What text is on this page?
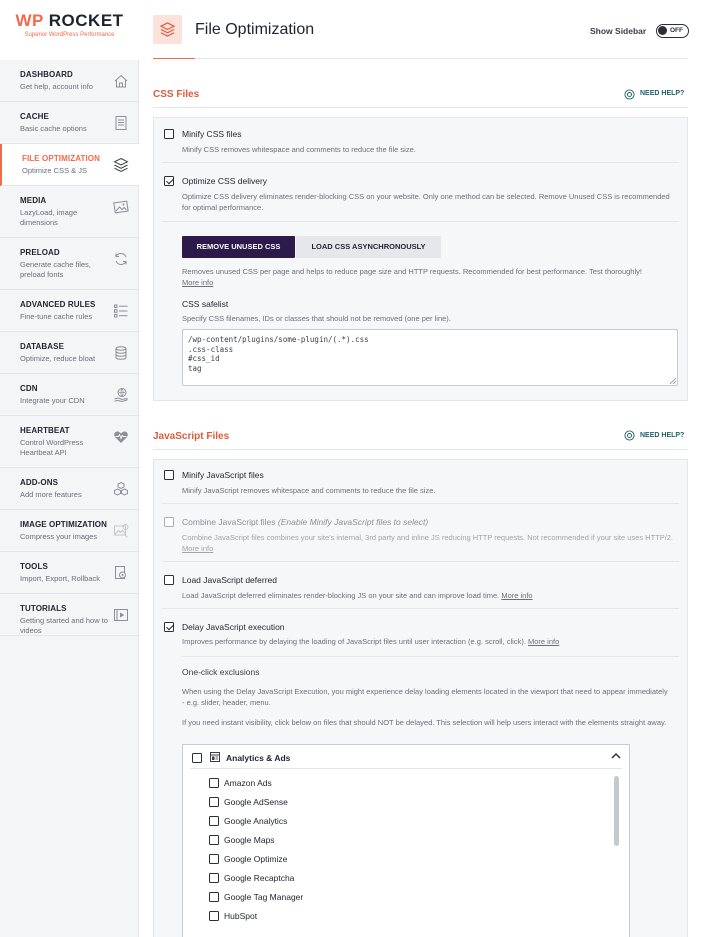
WP ROCKET
Superior WordPress Performance
DASHBOARD
Get help, account info
CACHE
Basic cache options
FILE OPTIMIZATION
Optimize CSS & JS
MEDIA
LazyLoad, image dimensions
PRELOAD
Generate cache files, preload fonts
ADVANCED RULES
Fine-tune cache rules
DATABASE
Optimize, reduce bloat
CDN
Integrate your CDN
HEARTBEAT
Control WordPress Heartbeat API
ADD-ONS
Add more features
IMAGE OPTIMIZATION
Compress your images
TOOLS
Import, Export, Rollback
TUTORIALS
Getting started and how to videos
File Optimization	Show Sidebar	OFF
CSS Files	NEED HELP?
Minify CSS files
Minify CSS removes whitespace and comments to reduce the file size.
Optimize CSS delivery
Optimize CSS delivery eliminates render-blocking CSS on your website. Only one method can be selected. Remove Unused CSS is recommended for optimal performance.
REMOVE UNUSED CSS	LOAD CSS ASYNCHRONOUSLY
Removes unused CSS per page and helps to reduce page size and HTTP requests. Recommended for best performance. Test thoroughly!
More info
CSS safelist
Specify CSS filenames, IDs or classes that should not be removed (one per line).
/wp-content/plugins/some-plugin/(.*).css
.css-class
#css_id
tag
JavaScript Files	NEED HELP?
Minify JavaScript files
Minify JavaScript removes whitespace and comments to reduce the file size.
Combine JavaScript files (Enable Minify JavaScript files to select)
Combine JavaScript files combines your site's internal, 3rd party and inline JS reducing HTTP requests. Not recommended if your site uses HTTP/2. More info
Load JavaScript deferred
Load JavaScript deferred eliminates render-blocking JS on your site and can improve load time. More info
Delay JavaScript execution
Improves performance by delaying the loading of JavaScript files until user interaction (e.g. scroll, click). More info
One-click exclusions
When using the Delay JavaScript Execution, you might experience delay loading elements located in the viewport that need to appear immediately - e.g. slider, header, menu.
If you need instant visibility, click below on files that should NOT be delayed. This selection will help users interact with the elements straight away.
Analytics & Ads
Amazon Ads
Google AdSense
Google Analytics
Google Maps
Google Optimize
Google Recaptcha
Google Tag Manager
HubSpot
